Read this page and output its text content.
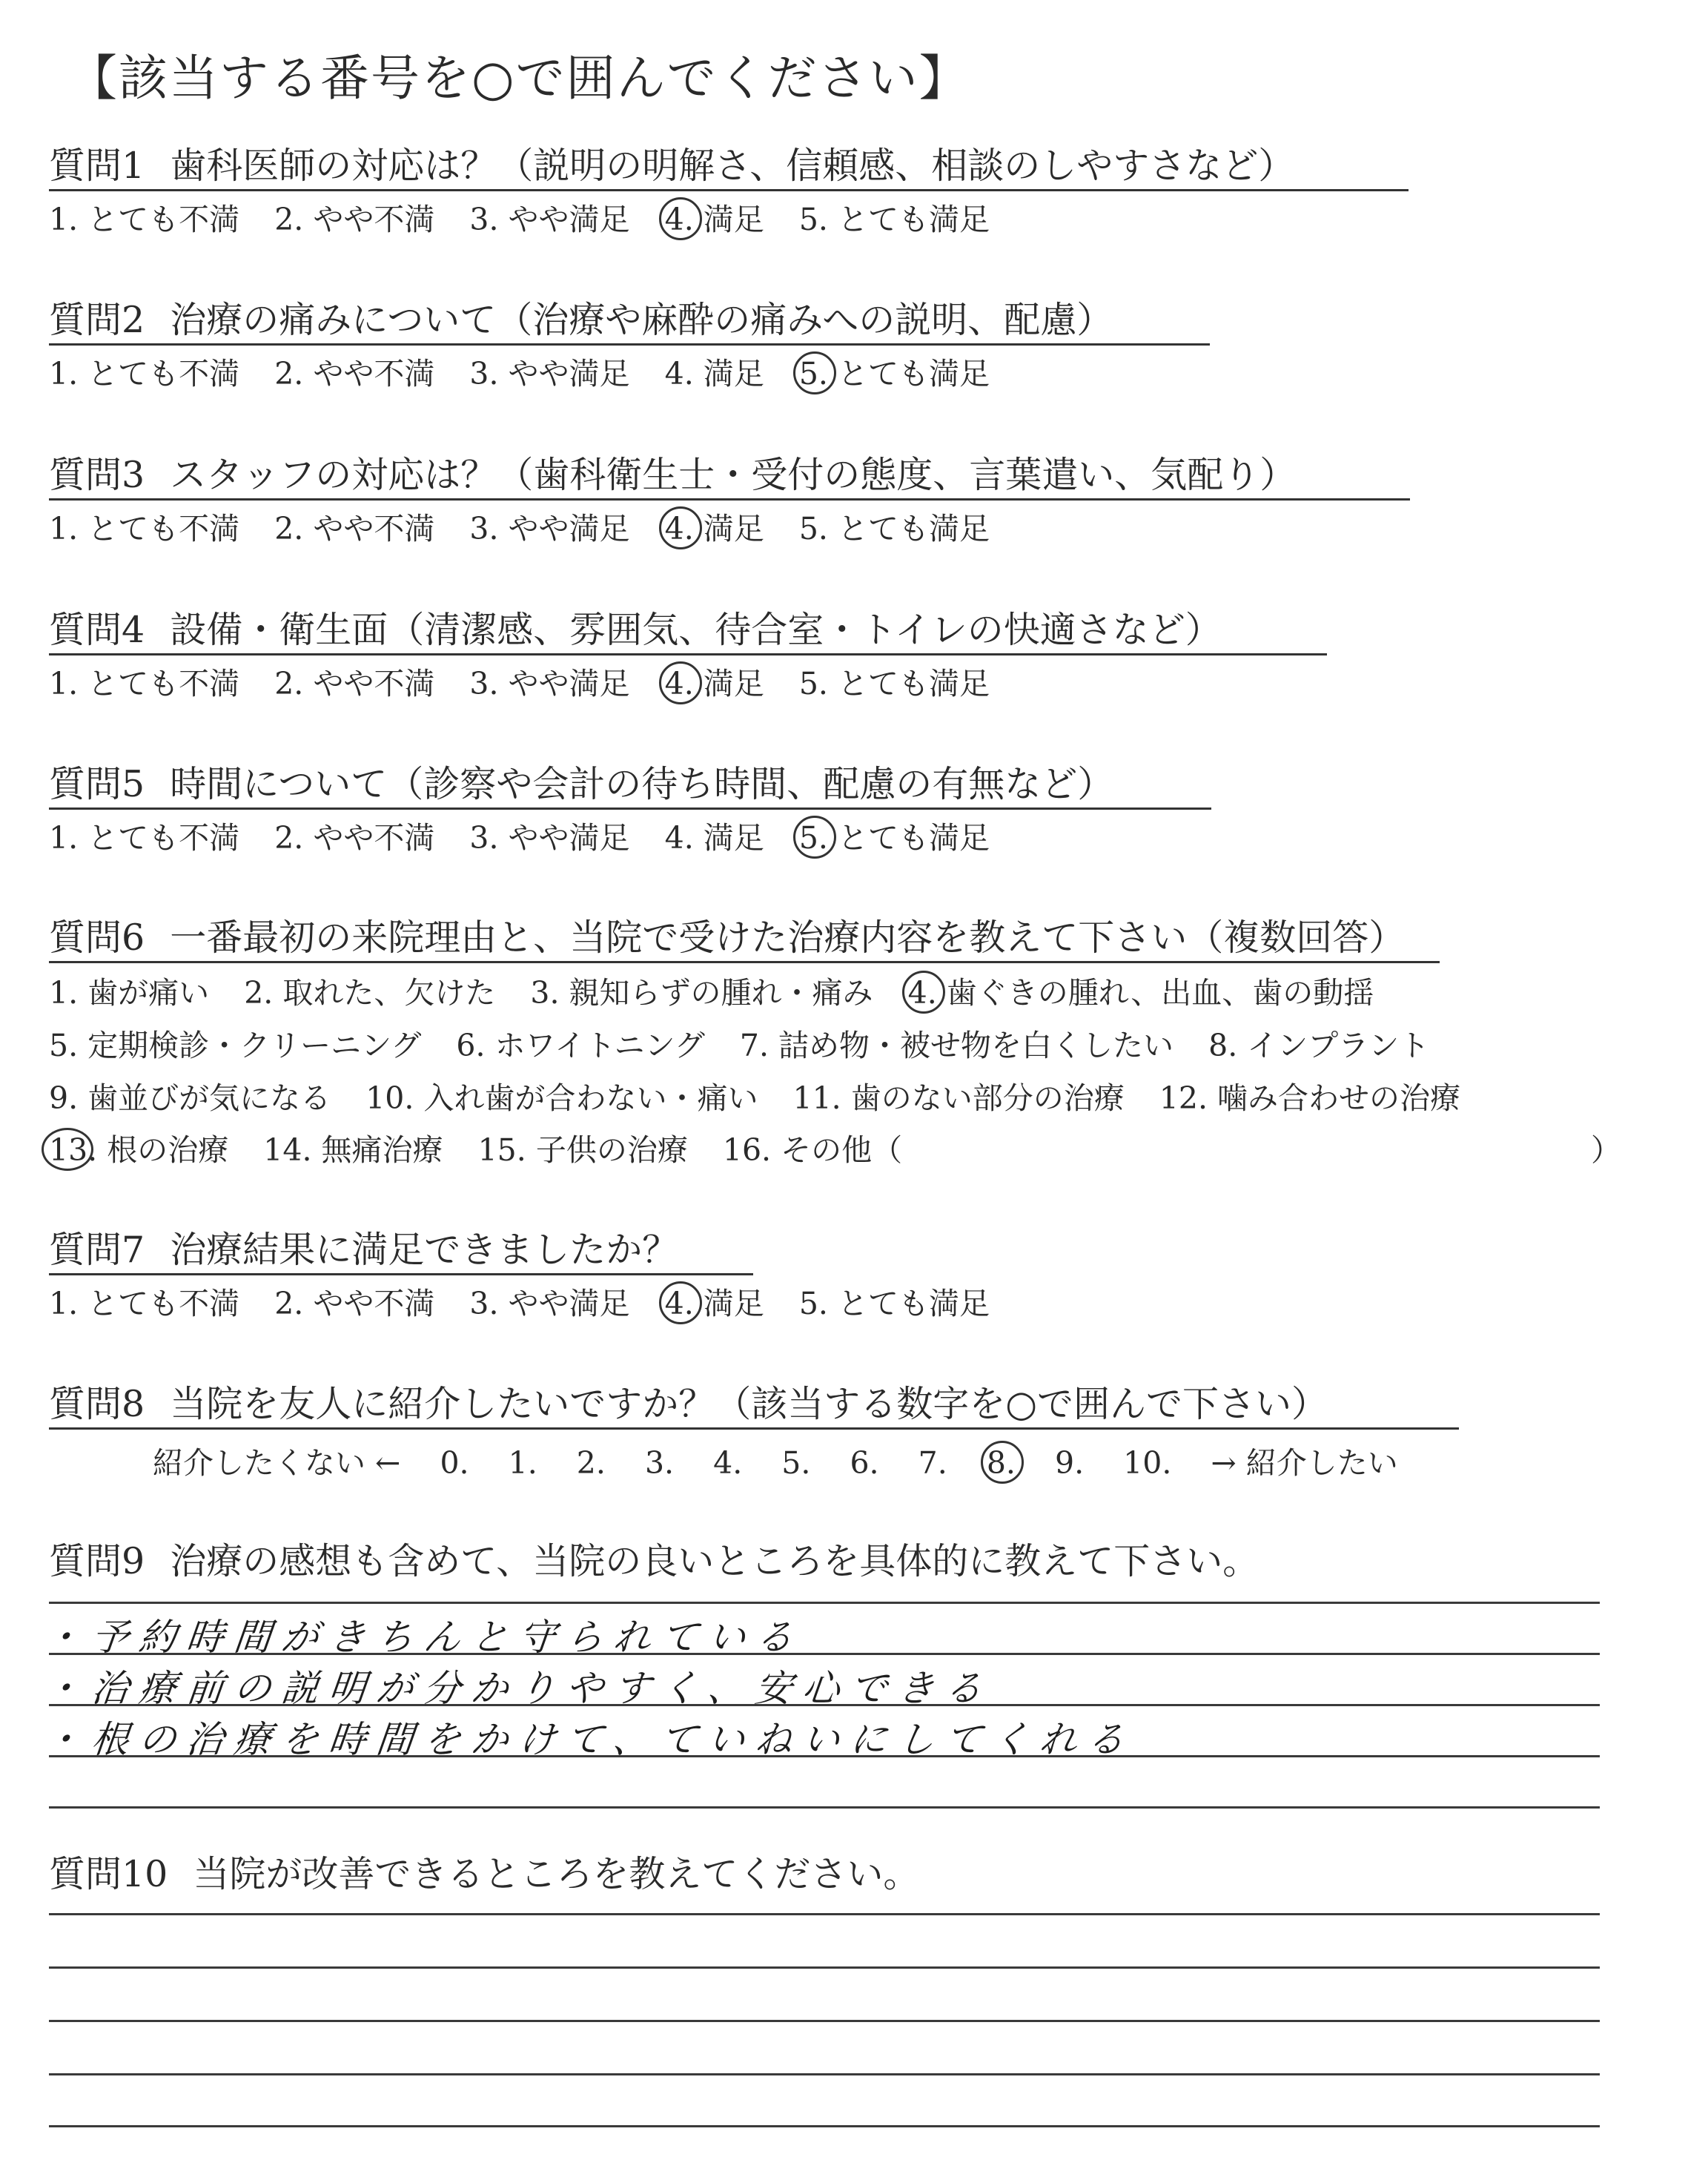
【該当する番号を○で囲んでください】
質問1 歯科医師の対応は？（説明の明解さ、信頼感、相談のしやすさなど）
1. とても不満 2. やや不満 3. やや満足 4. 満足 5. とても満足
質問2 治療の痛みについて（治療や麻酔の痛みへの説明、配慮）
1. とても不満 2. やや不満 3. やや満足 4. 満足 5. とても満足
質問3 スタッフの対応は？（歯科衛生士・受付の態度、言葉遣い、気配り）
1. とても不満 2. やや不満 3. やや満足 4. 満足 5. とても満足
質問4 設備・衛生面（清潔感、雰囲気、待合室・トイレの快適さなど）
1. とても不満 2. やや不満 3. やや満足 4. 満足 5. とても満足
質問5 時間について（診察や会計の待ち時間、配慮の有無など）
1. とても不満 2. やや不満 3. やや満足 4. 満足 5. とても満足
質問6 一番最初の来院理由と、当院で受けた治療内容を教えて下さい（複数回答）
1. 歯が痛い 2. 取れた、欠けた 3. 親知らずの腫れ・痛み 4. 歯ぐきの腫れ、出血、歯の動揺
5. 定期検診・クリーニング 6. ホワイトニング 7. 詰め物・被せ物を白くしたい 8. インプラント
9. 歯並びが気になる 10. 入れ歯が合わない・痛い 11. 歯のない部分の治療 12. 噛み合わせの治療
13. 根の治療 14. 無痛治療 15. 子供の治療 16. その他（	）
質問7 治療結果に満足できましたか？
1. とても不満 2. やや不満 3. やや満足 4. 満足 5. とても満足
質問8 当院を友人に紹介したいですか？（該当する数字を○で囲んで下さい）
紹介したくない ← 0. 1. 2. 3. 4. 5. 6. 7. 8. 9. 10. → 紹介したい
質問9 治療の感想も含めて、当院の良いところを具体的に教えて下さい。
・予約時間がきちんと守られている
・治療前の説明が分かりやすく、安心できる
・根の治療を時間をかけて、ていねいにしてくれる
質問10 当院が改善できるところを教えてください。
